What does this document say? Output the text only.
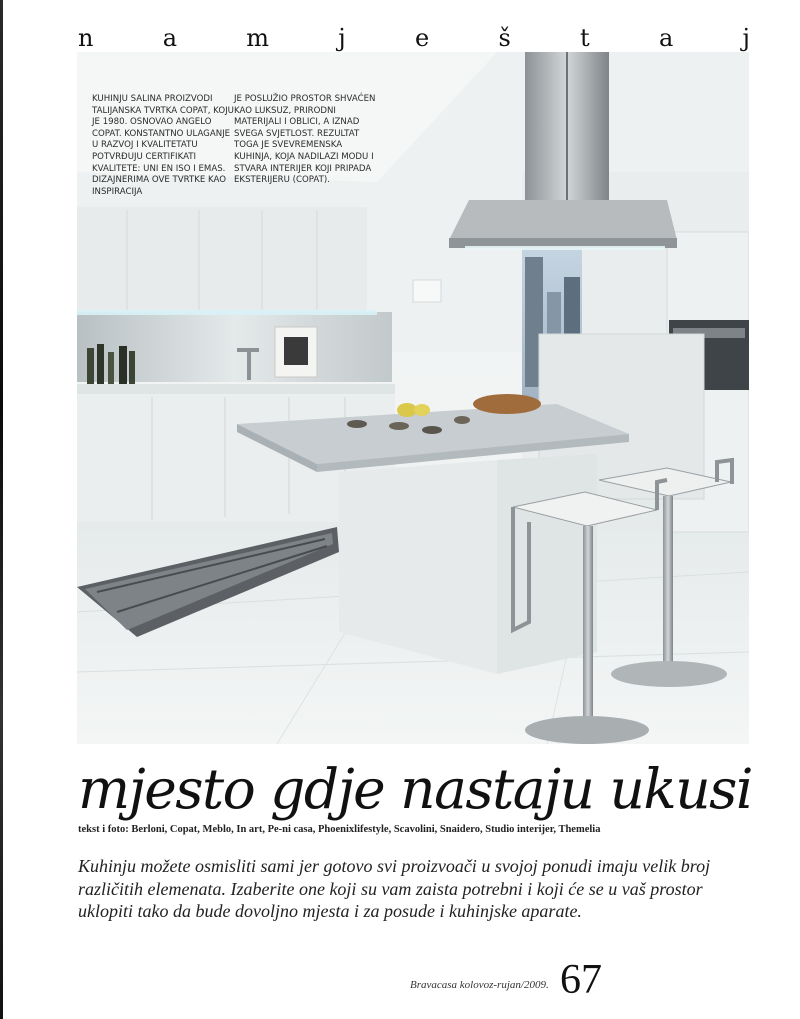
n	a	m	j	e	š	t	a	j
KUHINJU SALINA PROIZVODI TALIJANSKA TVRTKA COPAT, KOJU JE 1980. OSNOVAO ANGELO COPAT. KONSTANTNO ULAGANJE U RAZVOJ I KVALITETATU POTVRĐUJU CERTIFIKATI KVALITETE: UNI EN ISO I EMAS. DIZAJNERIMA OVE TVRTKE KAO INSPIRACIJA
JE POSLUŽIO PROSTOR SHVAĆEN KAO LUKSUZ, PRIRODNI MATERIJALI I OBLICI, A IZNAD SVEGA SVJETLOST. REZULTAT TOGA JE SVEVREMENSKA KUHINJA, KOJA NADILAZI MODU I STVARA INTERIJER KOJI PRIPADA EKSTERIJERU (COPAT).
mjesto gdje nastaju ukusi
tekst i foto: Berloni, Copat, Meblo, In art, Pe-ni casa, Phoenixlifestyle, Scavolini, Snaidero, Studio interijer, Themelia

Kuhinju možete osmisliti sami jer gotovo svi proizvoači u svojoj ponudi imaju velik broj različitih elemenata. Izaberite one koji su vam zaista potrebni i koji će se u vaš prostor uklopiti tako da bude dovoljno mjesta i za posude i kuhinjske aparate.

Bravacasa kolovoz-rujan/2009. 67
